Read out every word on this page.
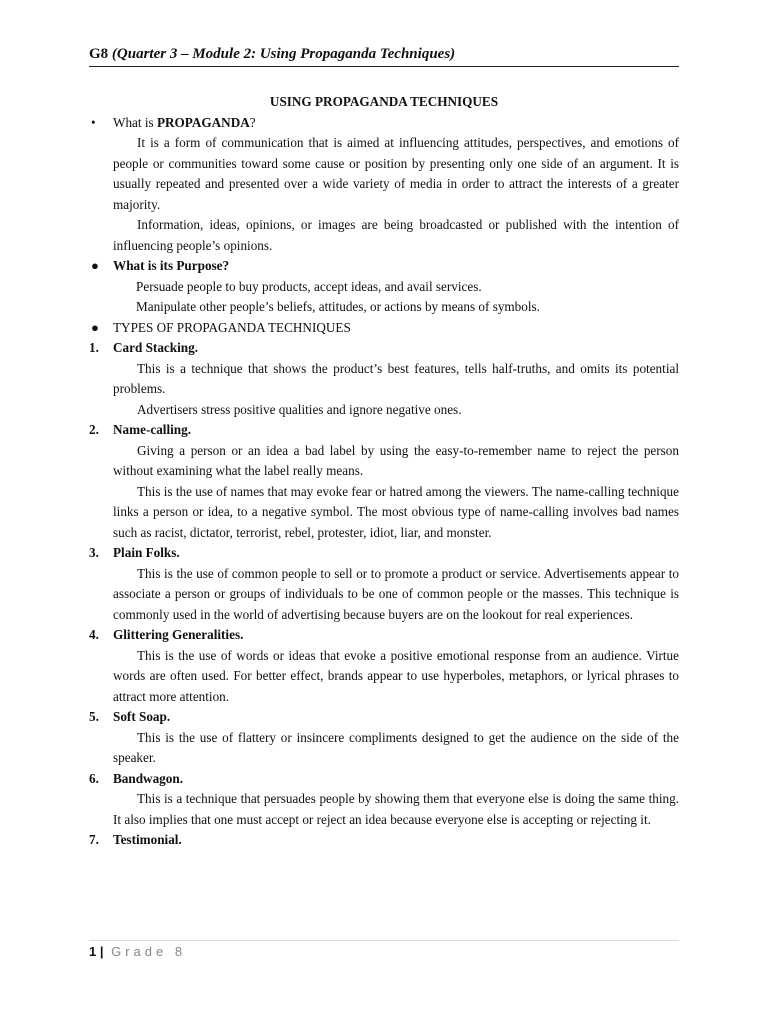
G8 (Quarter 3 – Module 2: Using Propaganda Techniques)
USING PROPAGANDA TECHNIQUES
• What is PROPAGANDA?
It is a form of communication that is aimed at influencing attitudes, perspectives, and emotions of people or communities toward some cause or position by presenting only one side of an argument. It is usually repeated and presented over a wide variety of media in order to attract the interests of a greater majority.
Information, ideas, opinions, or images are being broadcasted or published with the intention of influencing people’s opinions.
● What is its Purpose?
Persuade people to buy products, accept ideas, and avail services.
Manipulate other people’s beliefs, attitudes, or actions by means of symbols.
● TYPES OF PROPAGANDA TECHNIQUES
1. Card Stacking.
This is a technique that shows the product’s best features, tells half-truths, and omits its potential problems.
Advertisers stress positive qualities and ignore negative ones.
2. Name-calling.
Giving a person or an idea a bad label by using the easy-to-remember name to reject the person without examining what the label really means.
This is the use of names that may evoke fear or hatred among the viewers. The name-calling technique links a person or idea, to a negative symbol. The most obvious type of name-calling involves bad names such as racist, dictator, terrorist, rebel, protester, idiot, liar, and monster.
3. Plain Folks.
This is the use of common people to sell or to promote a product or service. Advertisements appear to associate a person or groups of individuals to be one of common people or the masses. This technique is commonly used in the world of advertising because buyers are on the lookout for real experiences.
4. Glittering Generalities.
This is the use of words or ideas that evoke a positive emotional response from an audience. Virtue words are often used. For better effect, brands appear to use hyperboles, metaphors, or lyrical phrases to attract more attention.
5. Soft Soap.
This is the use of flattery or insincere compliments designed to get the audience on the side of the speaker.
6. Bandwagon.
This is a technique that persuades people by showing them that everyone else is doing the same thing. It also implies that one must accept or reject an idea because everyone else is accepting or rejecting it.
7. Testimonial.
1 | Grade 8
